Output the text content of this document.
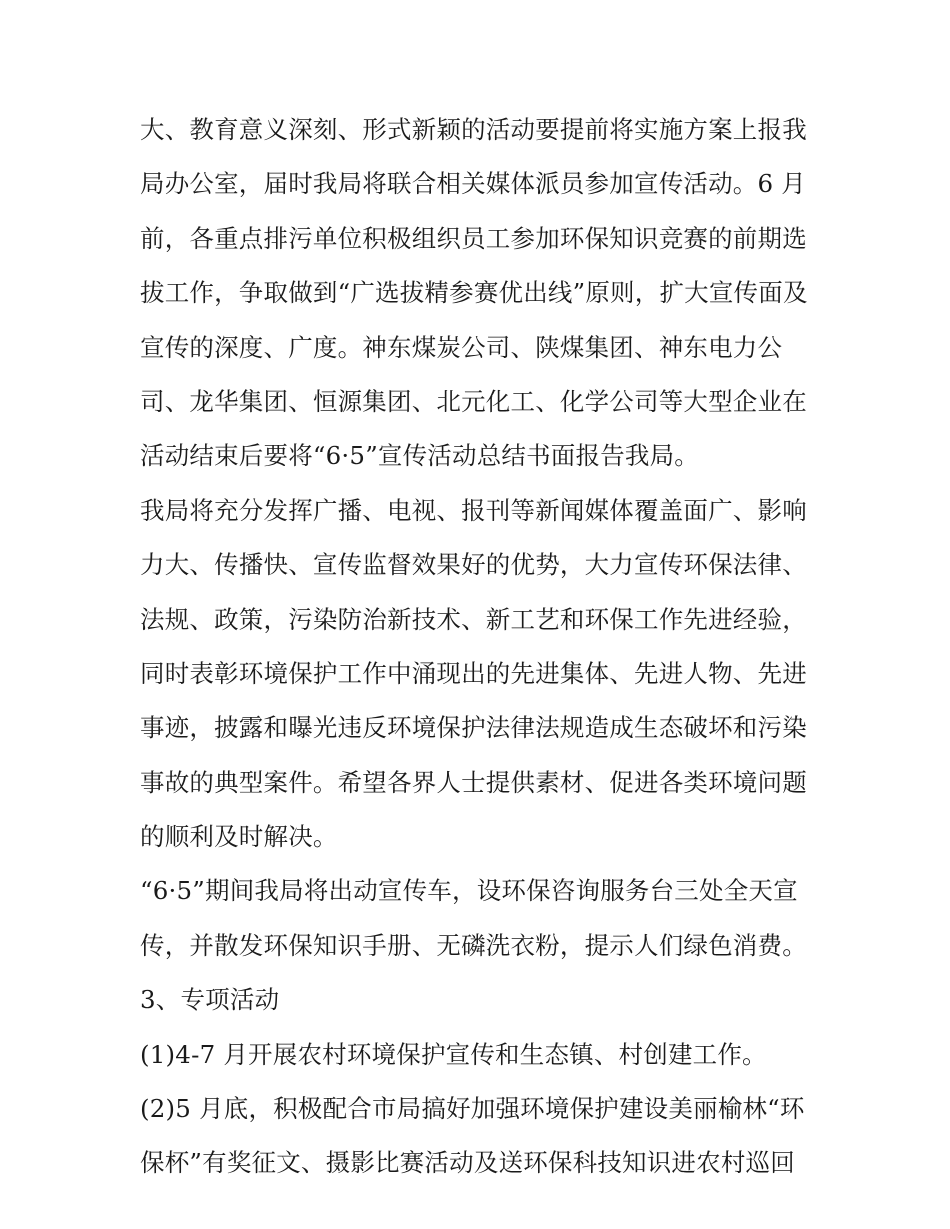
大、教育意义深刻、形式新颖的活动要提前将实施方案上报我
局办公室，届时我局将联合相关媒体派员参加宣传活动。6 月
前，各重点排污单位积极组织员工参加环保知识竞赛的前期选
拔工作，争取做到“广选拔精参赛优出线”原则，扩大宣传面及
宣传的深度、广度。神东煤炭公司、陕煤集团、神东电力公
司、龙华集团、恒源集团、北元化工、化学公司等大型企业在
活动结束后要将“6·5”宣传活动总结书面报告我局。
我局将充分发挥广播、电视、报刊等新闻媒体覆盖面广、影响
力大、传播快、宣传监督效果好的优势，大力宣传环保法律、
法规、政策，污染防治新技术、新工艺和环保工作先进经验，
同时表彰环境保护工作中涌现出的先进集体、先进人物、先进
事迹，披露和曝光违反环境保护法律法规造成生态破坏和污染
事故的典型案件。希望各界人士提供素材、促进各类环境问题
的顺利及时解决。
“6·5”期间我局将出动宣传车，设环保咨询服务台三处全天宣
传，并散发环保知识手册、无磷洗衣粉，提示人们绿色消费。
3、专项活动
(1)4-7 月开展农村环境保护宣传和生态镇、村创建工作。
(2)5 月底，积极配合市局搞好加强环境保护建设美丽榆林“环
保杯”有奖征文、摄影比赛活动及送环保科技知识进农村巡回
